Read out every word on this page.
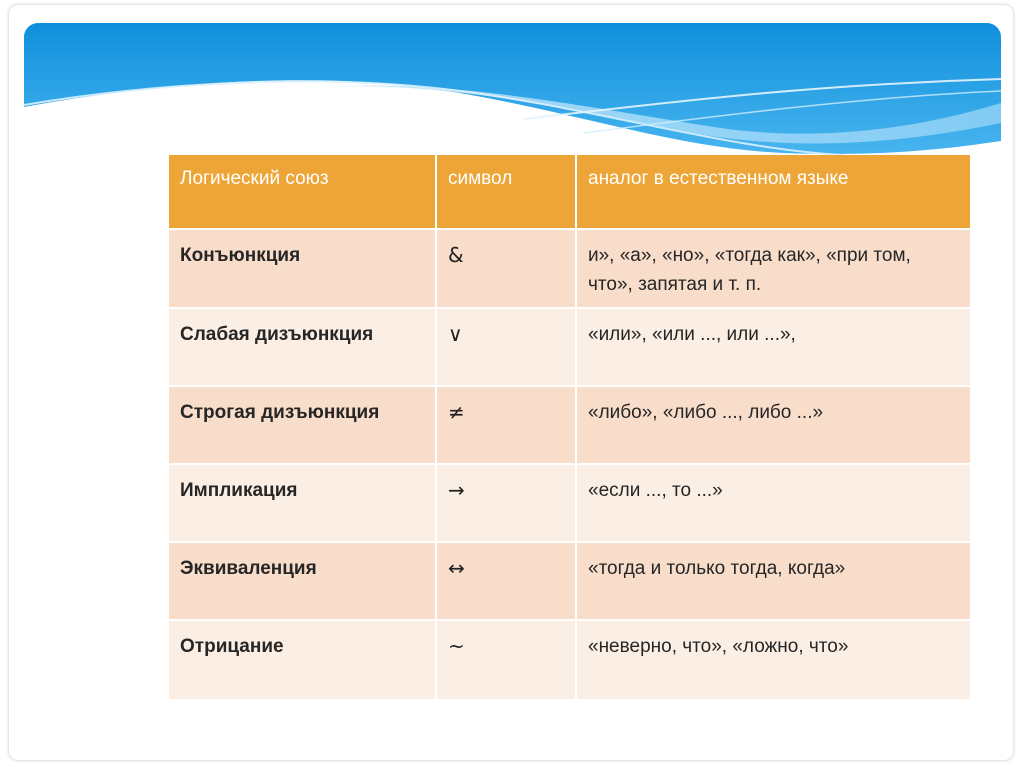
Логический союз	символ	аналог в естественном языке
Конъюнкция	&	и», «а», «но», «тогда как», «при том, что», запятая и т. п.
Слабая дизъюнкция	∨	«или», «или ..., или ...»,
Строгая дизъюнкция	≠	«либо», «либо ..., либо ...»
Импликация	→	«если ..., то ...»
Эквиваленция	↔	«тогда и только тогда, когда»
Отрицание	~	«неверно, что», «ложно, что»
